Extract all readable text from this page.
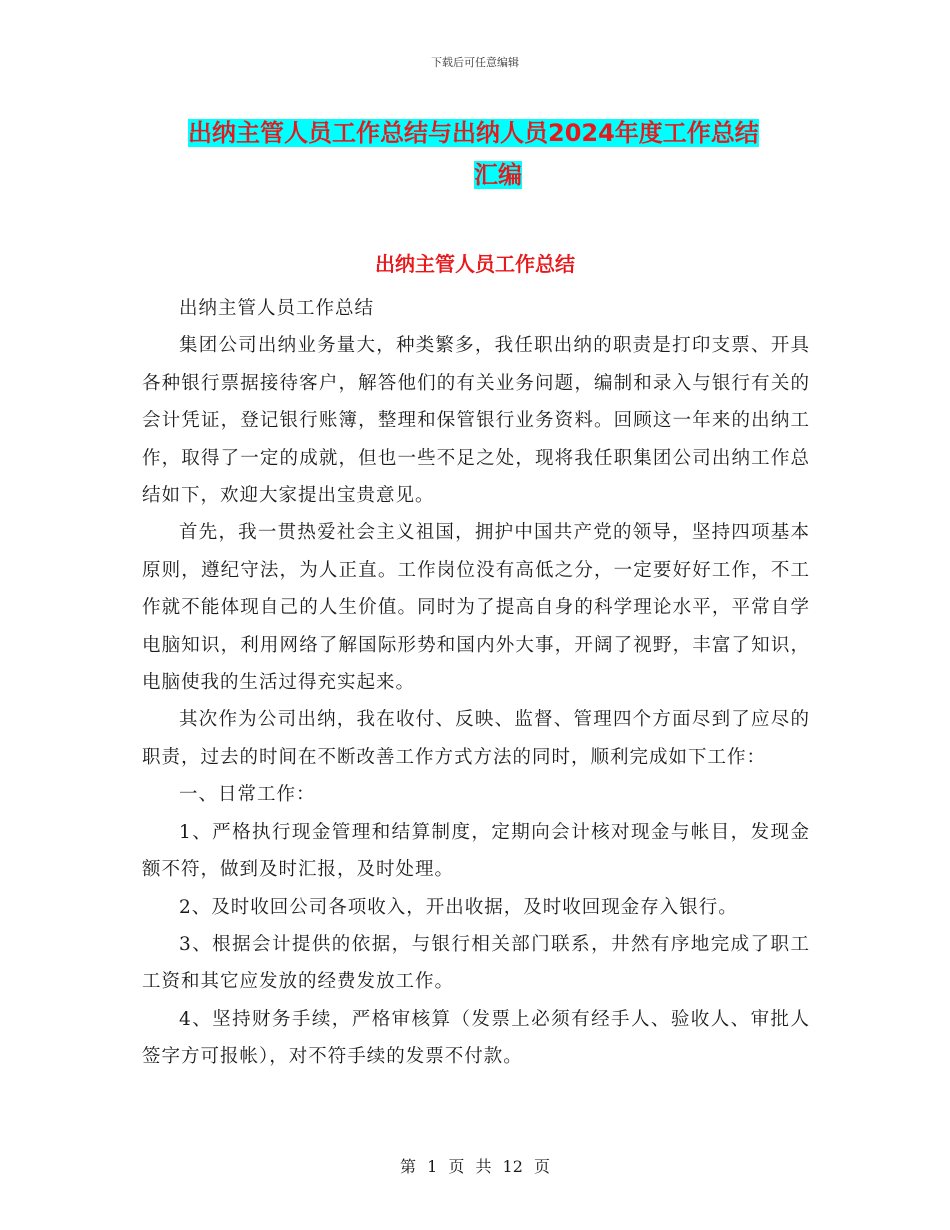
下载后可任意编辑
出纳主管人员工作总结与出纳人员2024年度工作总结
汇编
出纳主管人员工作总结

出纳主管人员工作总结

集团公司出纳业务量大，种类繁多，我任职出纳的职责是打印支票、开具各种银行票据接待客户，解答他们的有关业务问题，编制和录入与银行有关的会计凭证，登记银行账簿，整理和保管银行业务资料。回顾这一年来的出纳工作，取得了一定的成就，但也一些不足之处，现将我任职集团公司出纳工作总结如下，欢迎大家提出宝贵意见。

首先，我一贯热爱社会主义祖国，拥护中国共产党的领导，坚持四项基本原则，遵纪守法，为人正直。工作岗位没有高低之分，一定要好好工作，不工作就不能体现自己的人生价值。同时为了提高自身的科学理论水平，平常自学电脑知识，利用网络了解国际形势和国内外大事，开阔了视野，丰富了知识，电脑使我的生活过得充实起来。

其次作为公司出纳，我在收付、反映、监督、管理四个方面尽到了应尽的职责，过去的时间在不断改善工作方式方法的同时，顺利完成如下工作：

一、日常工作：

1、严格执行现金管理和结算制度，定期向会计核对现金与帐目，发现金额不符，做到及时汇报，及时处理。

2、及时收回公司各项收入，开出收据，及时收回现金存入银行。

3、根据会计提供的依据，与银行相关部门联系，井然有序地完成了职工工资和其它应发放的经费发放工作。

4、坚持财务手续，严格审核算（发票上必须有经手人、验收人、审批人签字方可报帐），对不符手续的发票不付款。

第 1 页 共 12 页
